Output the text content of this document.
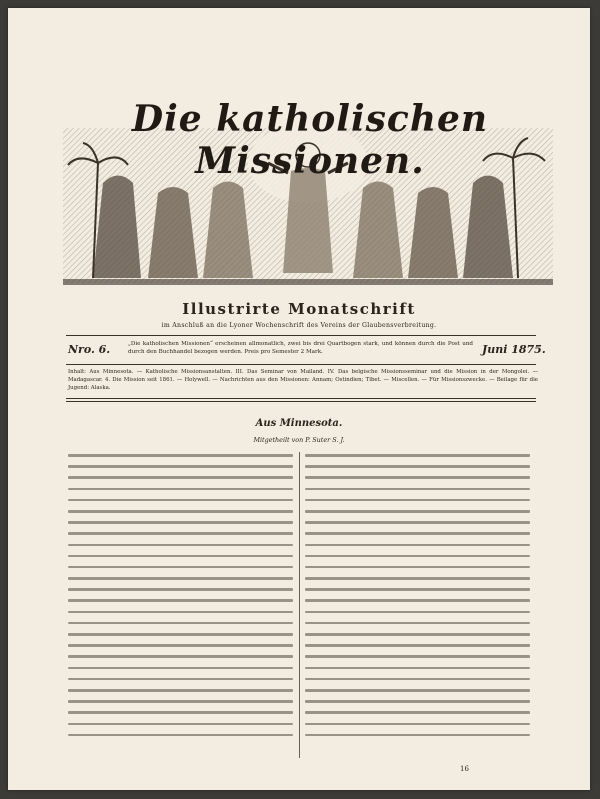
Die katholischen Missionen.
Illustrirte Monatschrift
im Anschluß an die Lyoner Wochenschrift des Vereins der Glaubensverbreitung.
Nro. 6.	„Die katholischen Missionen“ erscheinen allmonatlich, zwei bis drei Quartbogen stark, und können durch die Post und durch den Buchhandel bezogen werden. Preis pro Semester 2 Mark.	Juni 1875.
Inhalt: Aus Minnesota. — Katholische Missionsanstalten. III. Das Seminar von Mailand. IV. Das belgische Missionsseminar und die Mission in der Mongolei. — Madagascar. 4. Die Mission seit 1861. — Holywell. — Nachrichten aus den Missionen: Annam; Ostindien; Tibet. — Miscellen. — Für Missionszwecke. — Beilage für die Jugend: Alaska.
Aus Minnesota.
Mitgetheilt von P. Suter S. J.
16
